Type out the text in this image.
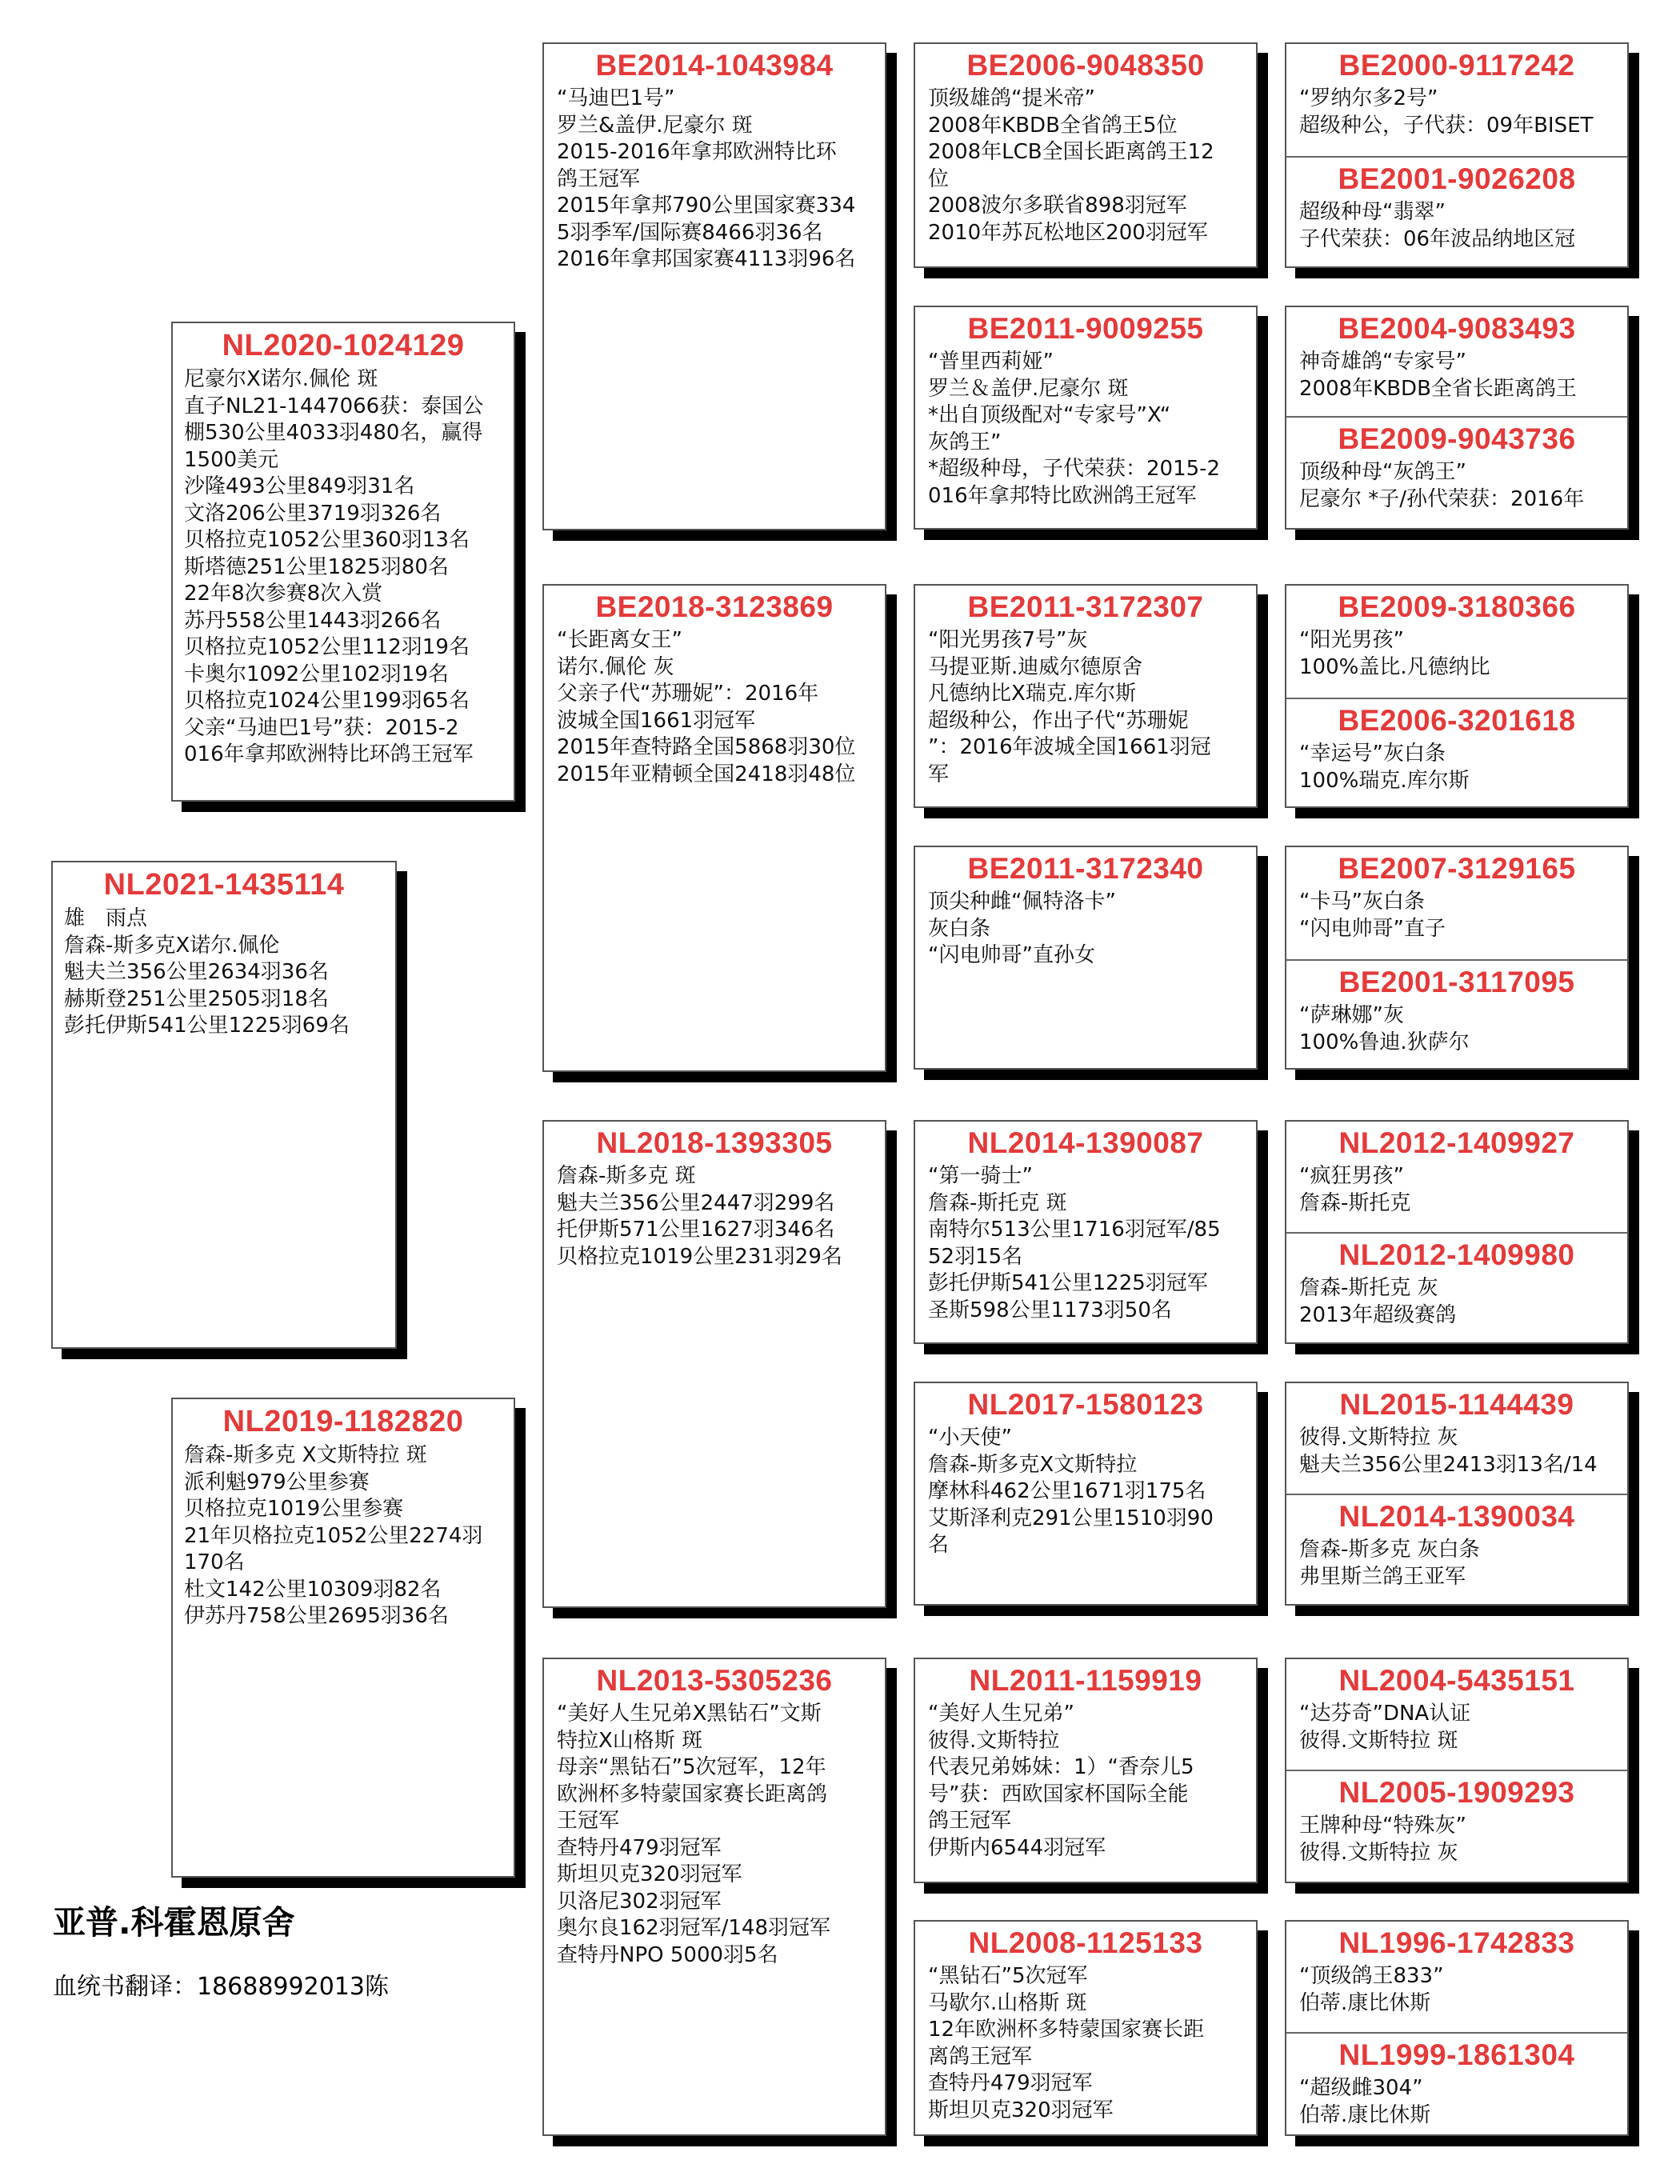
NL2021-1435114
雄　雨点
詹森-斯多克X诺尔.佩伦
魁夫兰356公里2634羽36名
赫斯登251公里2505羽18名
彭托伊斯541公里1225羽69名
NL2020-1024129
尼豪尔X诺尔.佩伦 斑
直子NL21-1447066获：泰国公
棚530公里4033羽480名，赢得
1500美元
沙隆493公里849羽31名
文洛206公里3719羽326名
贝格拉克1052公里360羽13名
斯塔德251公里1825羽80名
22年8次参赛8次入赏
苏丹558公里1443羽266名
贝格拉克1052公里112羽19名
卡奥尔1092公里102羽19名
贝格拉克1024公里199羽65名
父亲“马迪巴1号”获：2015-2
016年拿邦欧洲特比环鸽王冠军
NL2019-1182820
詹森-斯多克 X文斯特拉 斑
派利魁979公里参赛
贝格拉克1019公里参赛
21年贝格拉克1052公里2274羽
170名
杜文142公里10309羽82名
伊苏丹758公里2695羽36名
BE2014-1043984
“马迪巴1号”
罗兰&盖伊.尼豪尔 斑
2015-2016年拿邦欧洲特比环
鸽王冠军
2015年拿邦790公里国家赛334
5羽季军/国际赛8466羽36名
2016年拿邦国家赛4113羽96名
BE2018-3123869
“长距离女王”
诺尔.佩伦 灰
父亲子代“苏珊妮”：2016年
波城全国1661羽冠军
2015年查特路全国5868羽30位
2015年亚精顿全国2418羽48位
NL2018-1393305
詹森-斯多克 斑
魁夫兰356公里2447羽299名
托伊斯571公里1627羽346名
贝格拉克1019公里231羽29名
NL2013-5305236
“美好人生兄弟X黑钻石”文斯
特拉X山格斯 斑
母亲“黑钻石”5次冠军，12年
欧洲杯多特蒙国家赛长距离鸽
王冠军
查特丹479羽冠军
斯坦贝克320羽冠军
贝洛尼302羽冠军
奥尔良162羽冠军/148羽冠军
查特丹NPO 5000羽5名
BE2006-9048350
顶级雄鸽“提米帝”
2008年KBDB全省鸽王5位
2008年LCB全国长距离鸽王12
位
2008波尔多联省898羽冠军
2010年苏瓦松地区200羽冠军
BE2011-9009255
“普里西莉娅”
罗兰＆盖伊.尼豪尔 斑
*出自顶级配对“专家号”X“
灰鸽王”
*超级种母，子代荣获：2015-2
016年拿邦特比欧洲鸽王冠军
BE2011-3172307
“阳光男孩7号”灰
马提亚斯.迪威尔德原舍
凡德纳比X瑞克.库尔斯
超级种公，作出子代“苏珊妮
”：2016年波城全国1661羽冠
军
BE2011-3172340
顶尖种雌“佩特洛卡”
灰白条
“闪电帅哥”直孙女
NL2014-1390087
“第一骑士”
詹森-斯托克 斑
南特尔513公里1716羽冠军/85
52羽15名
彭托伊斯541公里1225羽冠军
圣斯598公里1173羽50名
NL2017-1580123
“小天使”
詹森-斯多克X文斯特拉
摩林科462公里1671羽175名
艾斯泽利克291公里1510羽90
名
NL2011-1159919
“美好人生兄弟”
彼得.文斯特拉
代表兄弟姊妹：1）“香奈儿5
号”获：西欧国家杯国际全能
鸽王冠军
伊斯内6544羽冠军
NL2008-1125133
“黑钻石”5次冠军
马歇尔.山格斯 斑
12年欧洲杯多特蒙国家赛长距
离鸽王冠军
查特丹479羽冠军
斯坦贝克320羽冠军
BE2000-9117242
“罗纳尔多2号”
超级种公，子代获：09年BISET
BE2001-9026208
超级种母“翡翠”
子代荣获：06年波品纳地区冠
BE2004-9083493
神奇雄鸽“专家号”
2008年KBDB全省长距离鸽王
BE2009-9043736
顶级种母“灰鸽王”
尼豪尔 *子/孙代荣获：2016年
BE2009-3180366
“阳光男孩”
100%盖比.凡德纳比
BE2006-3201618
“幸运号”灰白条
100%瑞克.库尔斯
BE2007-3129165
“卡马”灰白条
“闪电帅哥”直子
BE2001-3117095
“萨琳娜”灰
100%鲁迪.狄萨尔
NL2012-1409927
“疯狂男孩”
詹森-斯托克
NL2012-1409980
詹森-斯托克 灰
2013年超级赛鸽
NL2015-1144439
彼得.文斯特拉 灰
魁夫兰356公里2413羽13名/14
NL2014-1390034
詹森-斯多克 灰白条
弗里斯兰鸽王亚军
NL2004-5435151
“达芬奇”DNA认证
彼得.文斯特拉 斑
NL2005-1909293
王牌种母“特殊灰”
彼得.文斯特拉 灰
NL1996-1742833
“顶级鸽王833”
伯蒂.康比休斯
NL1999-1861304
“超级雌304”
伯蒂.康比休斯
亚普.科霍恩原舍
血统书翻译：18688992013陈
